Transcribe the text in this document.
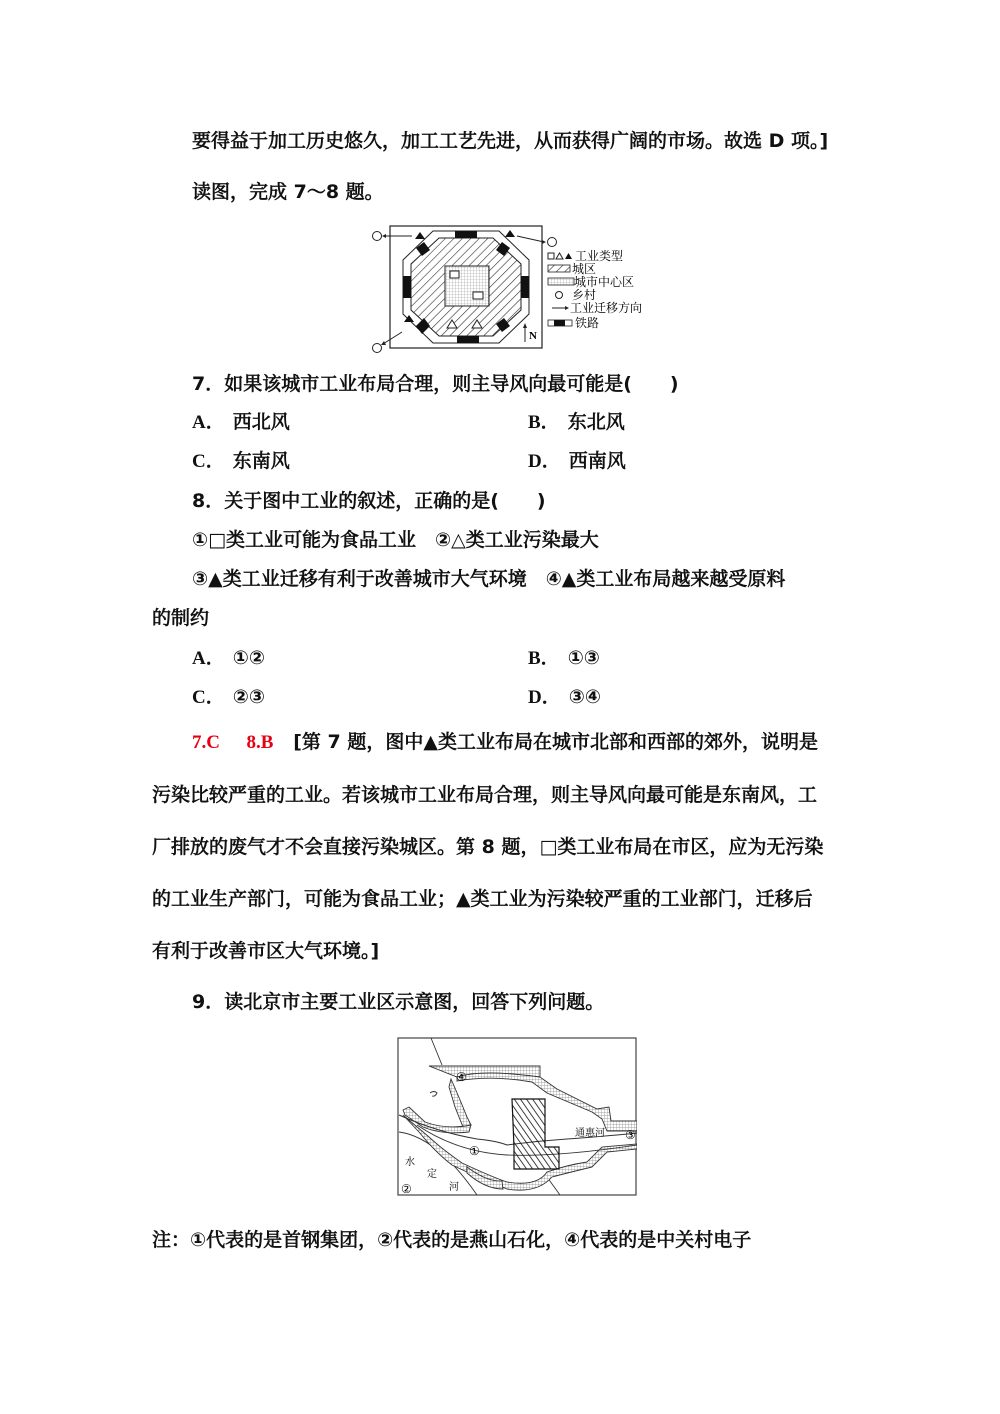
要得益于加工历史悠久，加工工艺先进，从而获得广阔的市场。故选 D 项。]
读图，完成 7～8 题。
N
工业类型
城区
城市中心区
乡村
工业迁移方向
铁路
7．如果该城市工业布局合理，则主导风向最可能是(　　)
A． 西北风	B． 东北风
C． 东南风	D． 西南风
8．关于图中工业的叙述，正确的是(　　)
①□类工业可能为食品工业　②△类工业污染最大
③▲类工业迁移有利于改善城市大气环境　④▲类工业布局越来越受原料
的制约
A． ①②	B． ①③
C． ②③	D． ③④
7.C 8.B [第 7 题，图中▲类工业布局在城市北部和西部的郊外，说明是
污染比较严重的工业。若该城市工业布局合理，则主导风向最可能是东南风，工
厂排放的废气才不会直接污染城区。第 8 题，□类工业布局在市区，应为无污染
的工业生产部门，可能为食品工业；▲类工业为污染较严重的工业部门，迁移后
有利于改善市区大气环境。]
9．读北京市主要工业区示意图，回答下列问题。
④
①
③
②
通惠河
水
定
河
注：①代表的是首钢集团，②代表的是燕山石化，④代表的是中关村电子
